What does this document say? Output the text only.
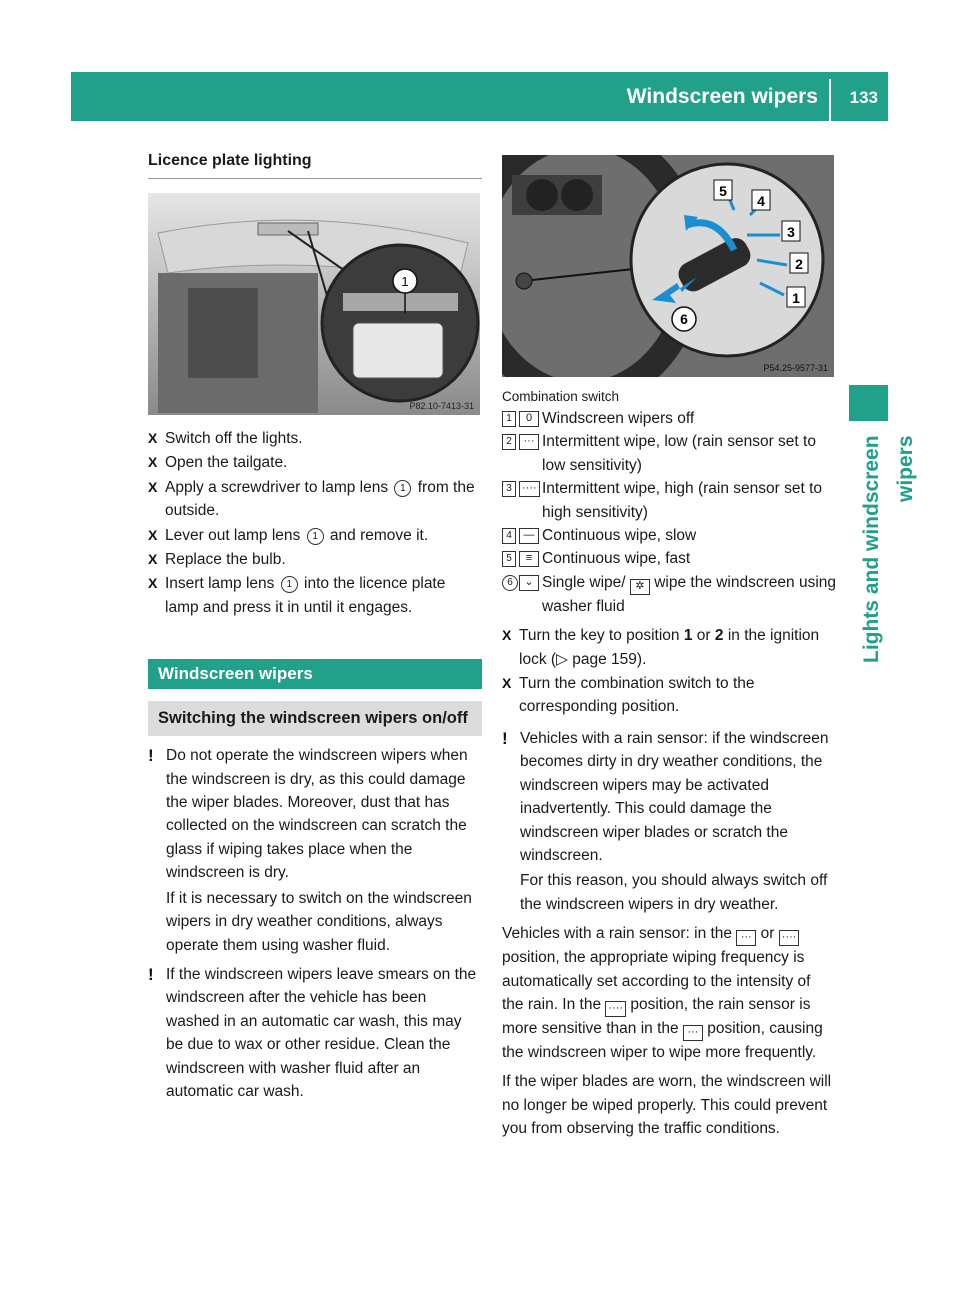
Windscreen wipers 133
Lights and windscreen wipers
Licence plate lighting
1
P82.10-7413-31
X Switch off the lights.
X Open the tailgate.
X Apply a screwdriver to lamp lens 1 from the outside.
X Lever out lamp lens 1 and remove it.
X Replace the bulb.
X Insert lamp lens 1 into the licence plate lamp and press it in until it engages.
Windscreen wipers
Switching the windscreen wipers on/off
! Do not operate the windscreen wipers when the windscreen is dry, as this could damage the wiper blades. Moreover, dust that has collected on the windscreen can scratch the glass if wiping takes place when the windscreen is dry.

If it is necessary to switch on the windscreen wipers in dry weather conditions, always operate them using washer fluid.

! If the windscreen wipers leave smears on the windscreen after the vehicle has been washed in an automatic car wash, this may be due to wax or other residue. Clean the windscreen with washer fluid after an automatic car wash.

5
4
3
2
1
6
P54.25-9577-31
Combination switch
1	0 Windscreen wipers off
2	··· Intermittent wipe, low (rain sensor set to low sensitivity)
3 ···· Intermittent wipe, high (rain sensor set to high sensitivity)
4	— Continuous wipe, slow
5	≡ Continuous wipe, fast
6	⌄ Single wipe/ ✲ wipe the windscreen using washer fluid
X Turn the key to position 1 or 2 in the ignition lock (▷ page 159).
X Turn the combination switch to the corresponding position.
! Vehicles with a rain sensor: if the windscreen becomes dirty in dry weather conditions, the windscreen wipers may be activated inadvertently. This could damage the windscreen wiper blades or scratch the windscreen.

For this reason, you should always switch off the windscreen wipers in dry weather.

Vehicles with a rain sensor: in the ··· or ···· position, the appropriate wiping frequency is automatically set according to the intensity of the rain. In the ···· position, the rain sensor is more sensitive than in the ··· position, causing the windscreen wiper to wipe more frequently.

If the wiper blades are worn, the windscreen will no longer be wiped properly. This could prevent you from observing the traffic conditions.
